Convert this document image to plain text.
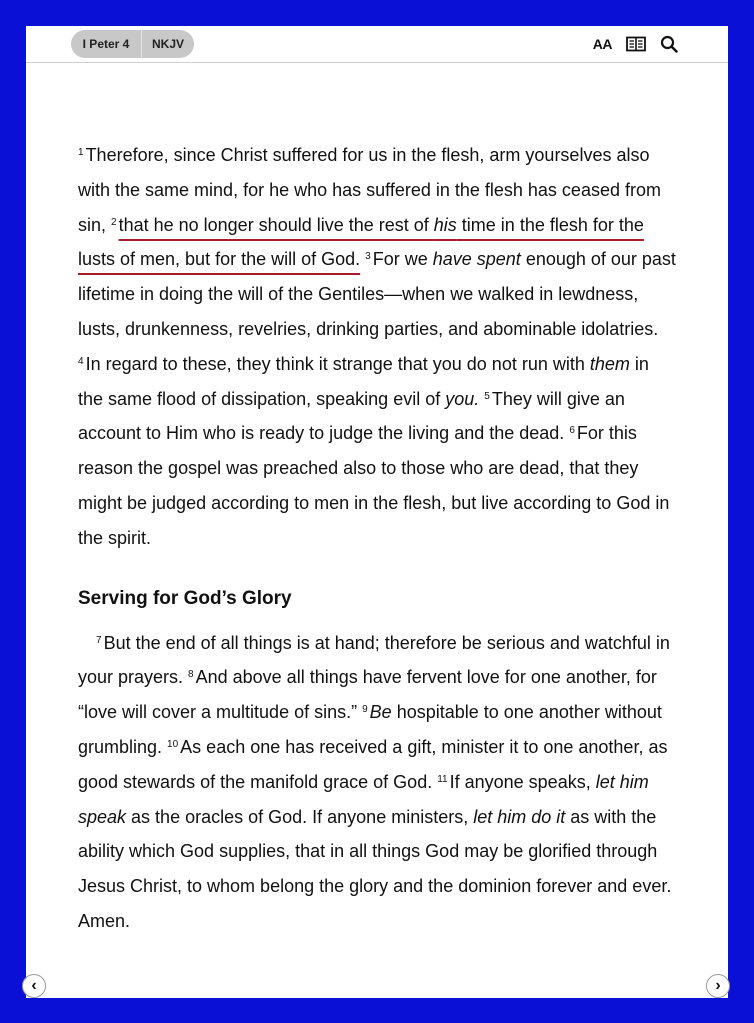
I Peter 4	NKJV	AA

$^1$ Therefore, since Christ suffered for us in the flesh, arm yourselves also with the same mind, for he who has suffered in the flesh has ceased from sin, $^2$ that he no longer should live the rest of his time in the flesh for the lusts of men, but for the will of God. $^3$ For we have spent enough of our past lifetime in doing the will of the Gentiles—when we walked in lewdness, lusts, drunkenness, revelries, drinking parties, and abominable idolatries. $^4$ In regard to these, they think it strange that you do not run with them in the same flood of dissipation, speaking evil of you. $^5$ They will give an account to Him who is ready to judge the living and the dead. $^6$ For this reason the gospel was preached also to those who are dead, that they might be judged according to men in the flesh, but live according to God in the spirit.

Serving for God’s Glory

$^7$ But the end of all things is at hand; therefore be serious and watchful in your prayers. $^8$ And above all things have fervent love for one another, for “love will cover a multitude of sins.” $^9$ Be hospitable to one another without grumbling. $^{10}$ As each one has received a gift, minister it to one another, as good stewards of the manifold grace of God. $^{11}$ If anyone speaks, let him speak as the oracles of God. If anyone ministers, let him do it as with the ability which God supplies, that in all things God may be glorified through Jesus Christ, to whom belong the glory and the dominion forever and ever. Amen.

‹	›
